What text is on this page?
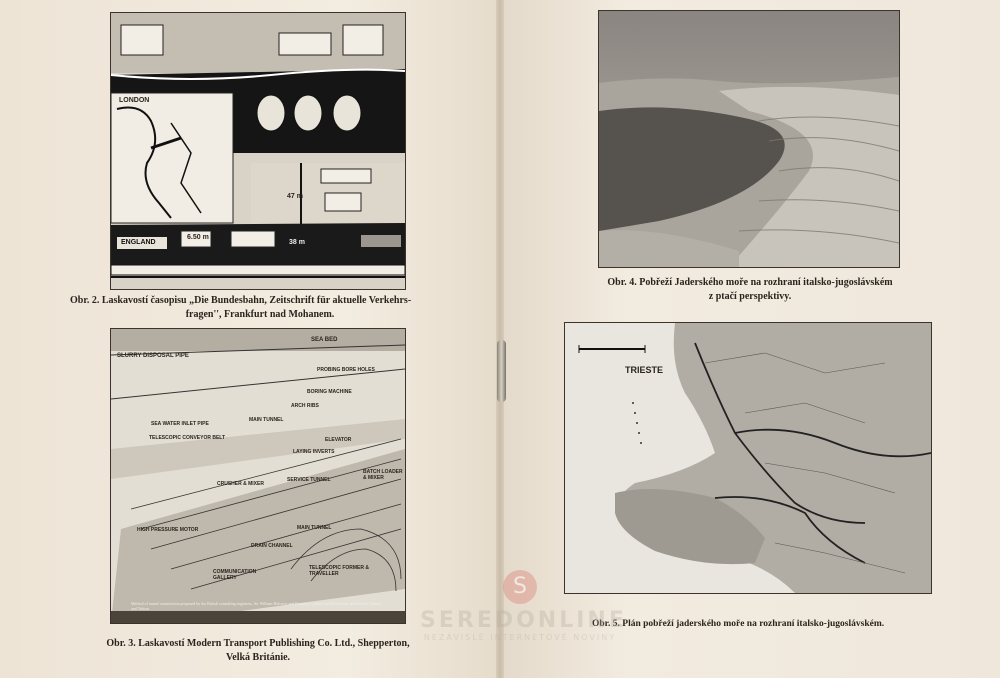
LONDON
ENGLAND
47 m
38 m
6.50 m
Obr. 2. Laskavostí časopisu „Die Bundesbahn, Zeitschrift für aktuelle Verkehrs-
fragen'', Frankfurt nad Mohanem.
SEA BED
SLURRY DISPOSAL PIPE
PROBING BORE HOLES
BORING MACHINE
ARCH RIBS
MAIN TUNNEL
SEA WATER INLET PIPE
TELESCOPIC CONVEYOR BELT	ELEVATOR
LAYING INVERTS
CRUSHER & MIXER
SERVICE TUNNEL
BATCH LOADER & MIXER
HIGH PRESSURE MOTOR	MAIN TUNNEL
DRAIN CHANNEL
COMMUNICATION GALLERY
TELESCOPIC FORMER & TRAVELLER
Method of tunnel construction proposed by the British consulting engineers, Sir William Halcrow and Partners, Livesey and Henderson, and Rendel, Palmer and Tritton.
Obr. 3. Laskavostí Modern Transport Publishing Co. Ltd., Shepperton,
Velká Británie.
Obr. 4. Pobřeží Jaderského moře na rozhraní italsko-jugoslávském
z ptačí perspektivy.
TRIESTE
Obr. 5. Plán pobřeží jaderského moře na rozhraní italsko-jugoslávském.
S
SEREDONLINE
NEZÁVISLÉ INTERNETOVÉ NOVINY
